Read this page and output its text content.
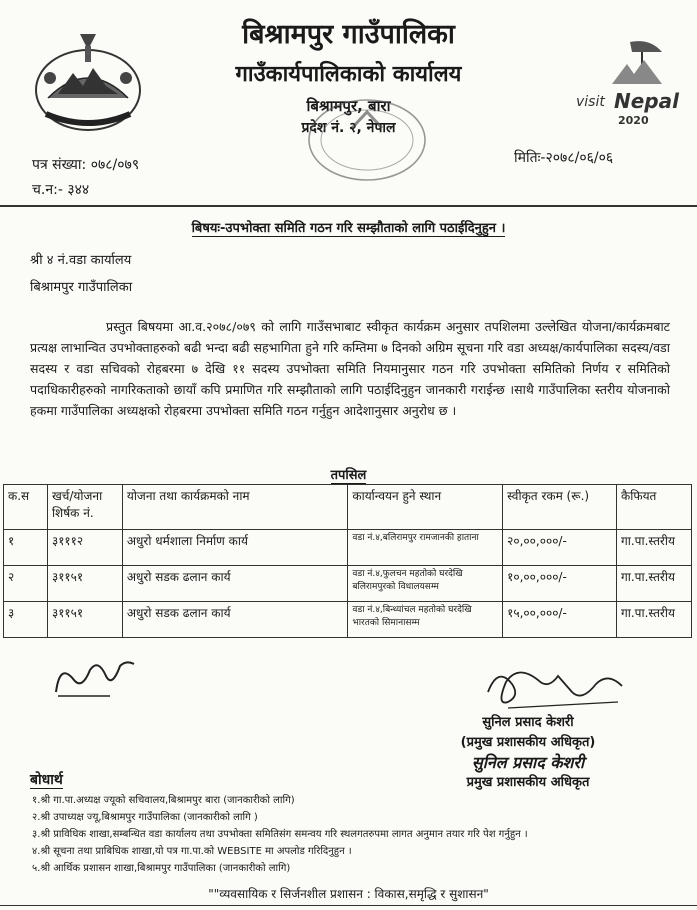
visit Nepal
2020
बिश्रामपुर गाउँपालिका
गाउँकार्यपालिकाको कार्यालय
बिश्रामपुर, बारा
प्रदेश नं. २, नेपाल
पत्र संख्या: ०७८/०७९
च.न:- ३४४
मितिः-२०७८/०६/०६
बिषयः-उपभोक्ता समिति गठन गरि सम्झौताको लागि पठाईदिनुहुन ।
श्री ४ नं.वडा कार्यालय
बिश्रामपुर गाउँपालिका
प्रस्तुत बिषयमा आ.व.२०७८/०७९ को लागि गाउँसभाबाट स्वीकृत कार्यक्रम अनुसार तपशिलमा उल्लेखित योजना/कार्यक्रमबाट प्रत्यक्ष लाभान्वित उपभोक्ताहरुको बढी भन्दा बढी सहभागिता हुने गरि कम्तिमा ७ दिनको अग्रिम सूचना गरि वडा अध्यक्ष/कार्यपालिका सदस्य/वडा सदस्य र वडा सचिवको रोहबरमा ७ देखि ११ सदस्य उपभोक्ता समिति नियमानुसार गठन गरि उपभोक्ता समितिको निर्णय र समितिको पदाधिकारीहरुको नागरिकताको छायाँ कपि प्रमाणित गरि सम्झौताको लागि पठाईदिनुहुन जानकारी गराईन्छ ।साथै गाउँपालिका स्तरीय योजनाको हकमा गाउँपालिका अध्यक्षको रोहबरमा उपभोक्ता समिति गठन गर्नुहुन आदेशानुसार अनुरोध छ ।
तपसिल
क.स	खर्च/योजना शिर्षक नं.	योजना तथा कार्यक्रमको नाम	कार्यान्वयन हुने स्थान	स्वीकृत रकम (रू.)	कैफियत
१	३१११२	अधुरो धर्मशाला निर्माण कार्य	वडा नं.४,बलिरामपुर रामजानकी हाताना	२०,००,०००/-	गा.पा.स्तरीय
२	३११५१	अधुरो सडक ढलान कार्य	वडा नं.४,फुलचन महतोको घरदेखि बलिरामपुरको विधालयसम्म	१०,००,०००/-	गा.पा.स्तरीय
३	३११५१	अधुरो सडक ढलान कार्य	वडा नं.४,बिन्ध्यांचल महतोको घरदेखि भारतको सिमानासम्म	१५,००,०००/-	गा.पा.स्तरीय
सुनिल प्रसाद केशरी
(प्रमुख प्रशासकीय अधिकृत)
सुनिल प्रसाद केशरी
प्रमुख प्रशासकीय अधिकृत
बोधार्थ
१.श्री गा.पा.अध्यक्ष ज्यूको सचिवालय,बिश्रामपुर बारा (जानकारीको लागि)
२.श्री उपाध्यक्ष ज्यू,बिश्रामपुर गाउँपालिका (जानकारीको लागि )
३.श्री प्राविधिक शाखा,सम्बन्धित वडा कार्यालय तथा उपभोक्ता समितिसंग समन्वय गरि स्थलगतरुपमा लागत अनुमान तयार गरि पेश गर्नुहुन ।
४.श्री सूचना तथा प्राबिधिक शाखा,यो पत्र गा.पा.को WEBSITE मा अपलोड गरिदिनुहुन ।
५.श्री आर्थिक प्रशासन शाखा,बिश्रामपुर गाउँपालिका (जानकारीको लागि)
""व्यवसायिक र सिर्जनशील प्रशासन : विकास,समृद्धि र सुशासन"
